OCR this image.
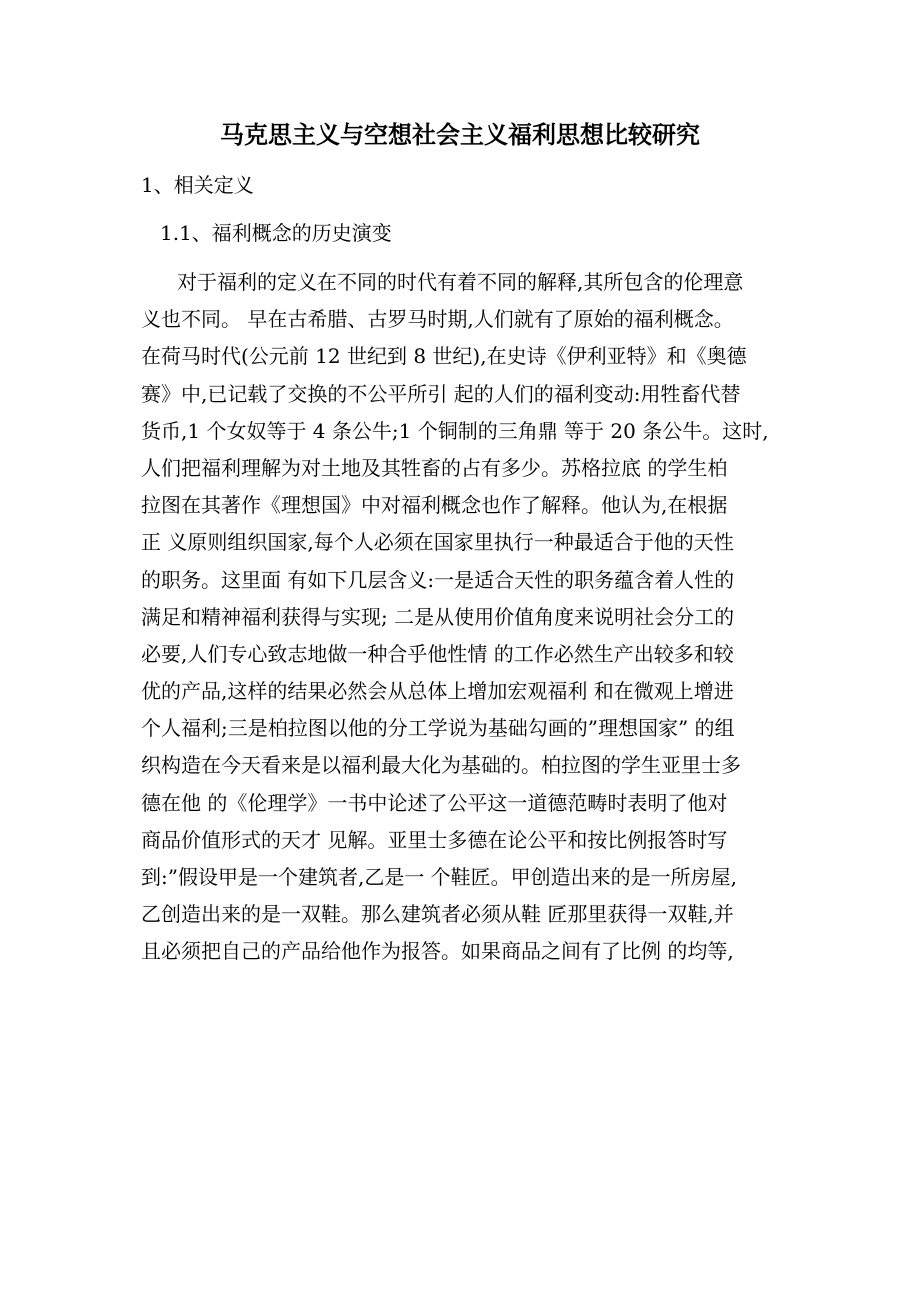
马克思主义与空想社会主义福利思想比较研究
1、相关定义
1.1、福利概念的历史演变
对于福利的定义在不同的时代有着不同的解释,其所包含的伦理意
义也不同。 早在古希腊、古罗马时期,人们就有了原始的福利概念。
在荷马时代(公元前 12 世纪到 8 世纪),在史诗《伊利亚特》和《奥德
赛》中,已记载了交换的不公平所引 起的人们的福利变动:用牲畜代替
货币,1 个女奴等于 4 条公牛;1 个铜制的三角鼎 等于 20 条公牛。这时,
人们把福利理解为对土地及其牲畜的占有多少。苏格拉底 的学生柏
拉图在其著作《理想国》中对福利概念也作了解释。他认为,在根据
正 义原则组织国家,每个人必须在国家里执行一种最适合于他的天性
的职务。这里面 有如下几层含义:一是适合天性的职务蕴含着人性的
满足和精神福利获得与实现; 二是从使用价值角度来说明社会分工的
必要,人们专心致志地做一种合乎他性情 的工作必然生产出较多和较
优的产品,这样的结果必然会从总体上增加宏观福利 和在微观上增进
个人福利;三是柏拉图以他的分工学说为基础勾画的”理想国家” 的组
织构造在今天看来是以福利最大化为基础的。柏拉图的学生亚里士多
德在他 的《伦理学》一书中论述了公平这一道德范畴时表明了他对
商品价值形式的天才 见解。亚里士多德在论公平和按比例报答时写
到:”假设甲是一个建筑者,乙是一 个鞋匠。甲创造出来的是一所房屋,
乙创造出来的是一双鞋。那么建筑者必须从鞋 匠那里获得一双鞋,并
且必须把自己的产品给他作为报答。如果商品之间有了比例 的均等,
